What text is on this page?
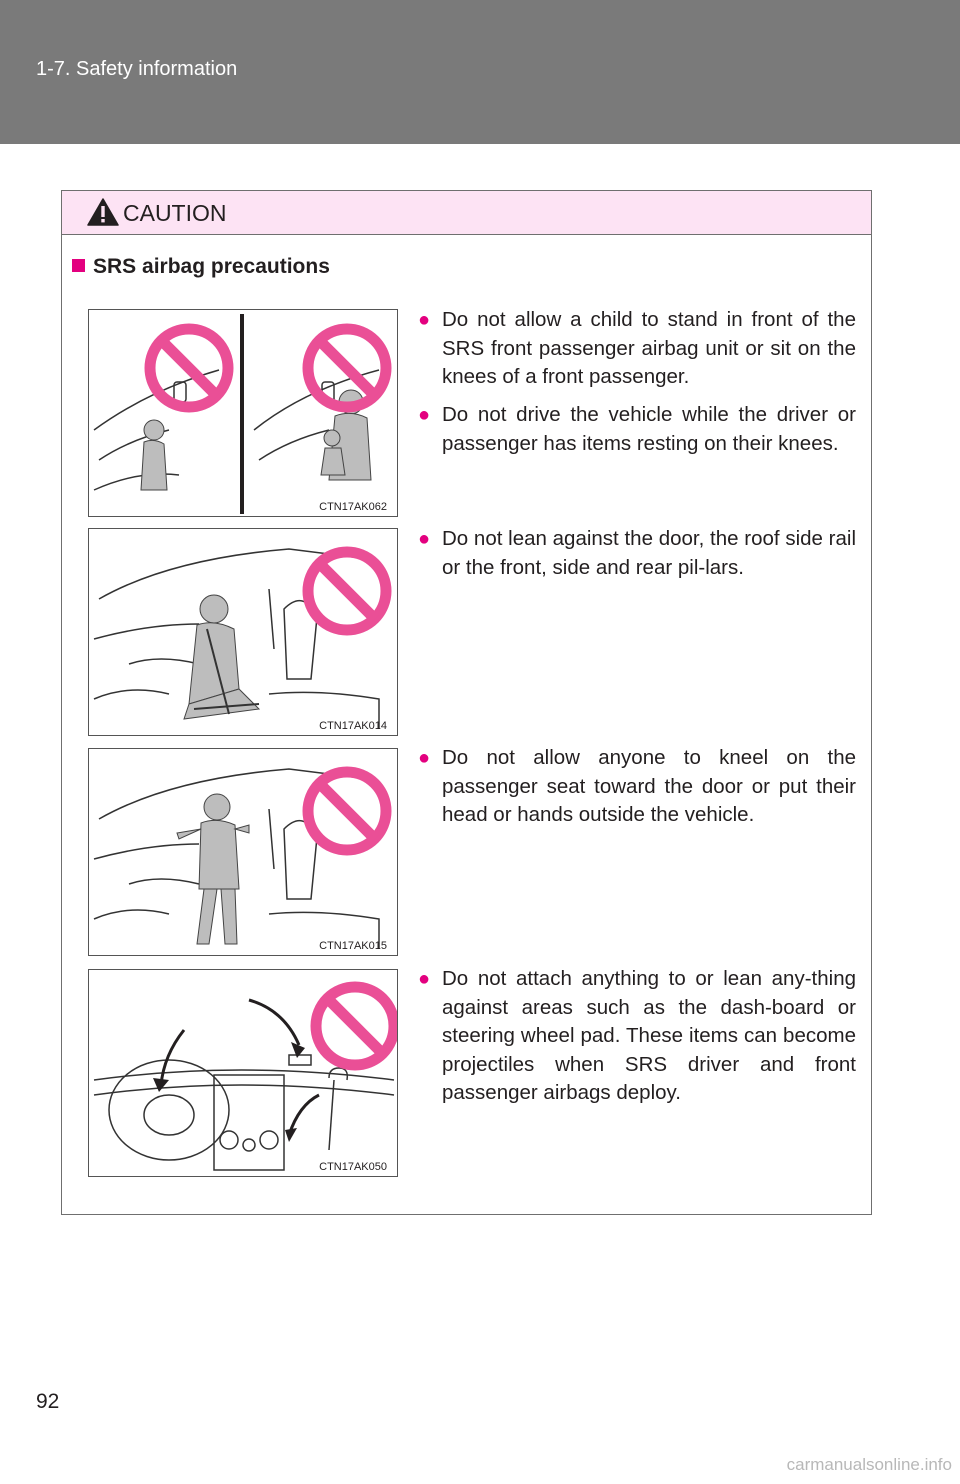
1-7. Safety information
CAUTION
SRS airbag precautions
CTN17AK062
● Do not allow a child to stand in front of the SRS front passenger airbag unit or sit on the knees of a front passenger.
● Do not drive the vehicle while the driver or passenger has items resting on their knees.
CTN17AK014
● Do not lean against the door, the roof side rail or the front, side and rear pil-lars.
CTN17AK015
● Do not allow anyone to kneel on the passenger seat toward the door or put their head or hands outside the vehicle.
CTN17AK050
● Do not attach anything to or lean any-thing against areas such as the dash-board or steering wheel pad. These items can become projectiles when SRS driver and front passenger airbags deploy.
92
carmanualsonline.info
